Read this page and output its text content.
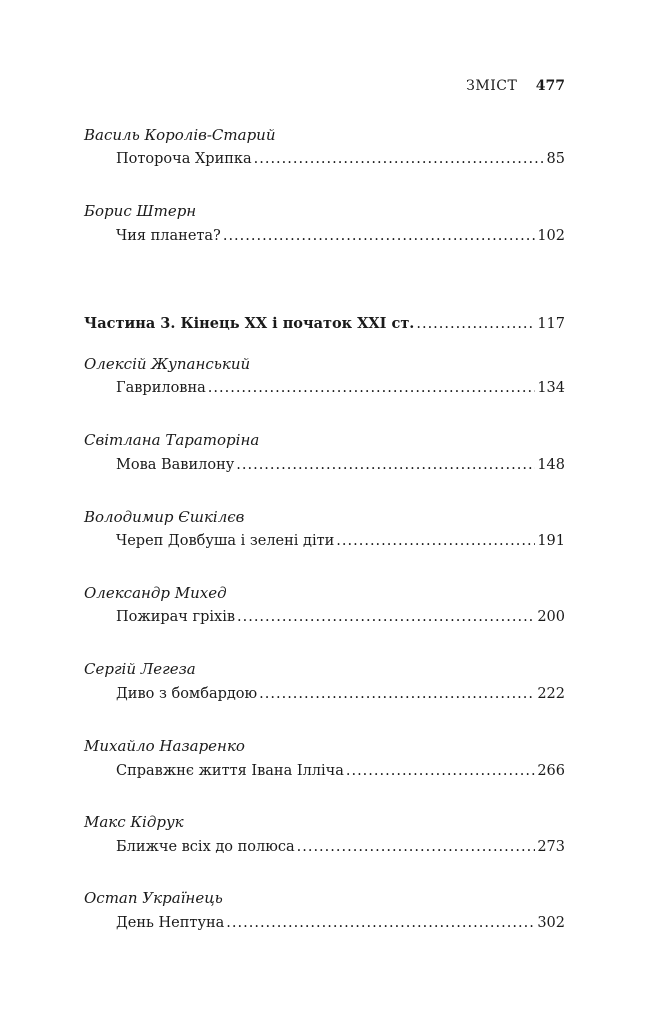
ЗМІСТ 477
Василь Королів-Старий
Потороча Хрипка .....	85
Борис Штерн
Чия планета? .....	102
Частина 3. Кінець XX і початок XXI ст. .....	117
Олексій Жупанський
Гавриловна .....	134
Світлана Тараторіна
Мова Вавилону .....	148
Володимир Єшкілєв
Череп Довбуша і зелені діти .....	191
Олександр Михед
Пожирач гріхів .....	200
Сергій Легеза
Диво з бомбардою .....	222
Михайло Назаренко
Справжнє життя Івана Ілліча .....	266
Макс Кідрук
Ближче всіх до полюса .....	273
Остап Українець
День Нептуна .....	302
